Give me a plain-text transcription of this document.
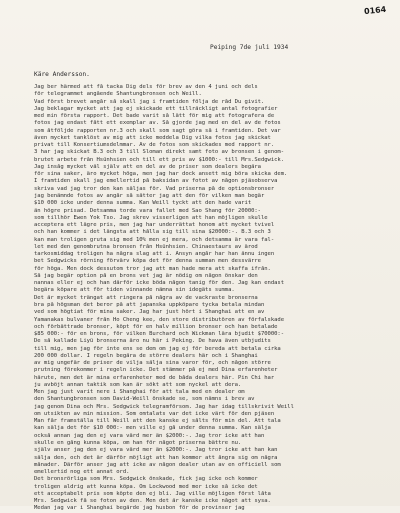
0164
Peiping 7de juli 1934
Käre Andersson.
Jag ber härmed att få tacka Dig dels för brev av den 4 juni och dels
för telegrammet angående Shantungbronsen och Weill.
Vad först brevet angår så skall jag i framtiden följa de råd Du givit.
Jag beklagar mycket att jag ej skickade ett tillräckligt antal fotografier
med min första rapport. Det bade varit så lätt för mig att fotografera de
fotos jag endast fått ett exemplar av. Så gjorde jag med en del av de fotos
som åtföljde rapporten nr.3 och skall som sagt göra så i framtiden. Det var
även mycket tanklöst av mig att icke meddela Dig vilka fotos jag skickat
privat till Konsertiumsdelmmar. Av de fotos som skickades med rapport nr.
3 har jag skickat B.3 och 3 till Sloman direkt samt foto av bronsen i genom-
brutet arbete från Hsünhsien och till ett pris av $1000:- till Mrs.Sedgwick.
Jag insåg mycket väl själv att en del av de priser som dealers begära
för sina saker, äro mycket höga, men jag har dock ansett mig böra skicka dem.
I framtiden skall jag emellertid på baksidan av fotot av någon pjäsobserva
skriva vad jag tror den kan säljas för. Vad priserna på de optionsbronser
jag benämnde fotos av angår så sätter jag att den för vilken man begär
$10 000 icke under denna summa. Kan Weill tyckt att den hade varit
än högre prisad. Detsamma torde vara fallet med Sao Shang för 20000:-
som tillhör Ewen Yok Tso. Jag skrev visserligen att han möjligen skulle
acceptera ett lägre pris, men jag har underrättat honom att mycket tvivel
och han kommer i det längsta att hålla sig till sina $20000:-. B.3 och 3
kan man troligen gruta sig med 10% men ej mera, och detsamma är vara fal-
let med den genombrutna bronsen från Hsünhsien. Chinaestaurs av ärod
tarkosmiddag troligen ha några slag att i. Ansyn angår har han ännu ingen
bet Sedgwicks rörning förvärv köpa det för denna summan men dessvärre
för höga. Men dock dessutom tror jag att man hade mera att skaffa ifrån.
Så jag begär option på en brons vet jag är nödig om någon önskar den
nannas eller ej och han därför icke böda någon tanig för den. Jag kan endast
begära köpare att för tiden vinnande nämna sin idegäts summa.
Det är mycket trängat att ringera på några av de vackraste bronserna
bra på högsman det beror på att japanska uppköpare tycka betala mindan
ved som högtiat för mina saker. Jag har just hört i Shanghai att en av
Yamanakas bulvaner från Ho Cheng kee, den store distributören av förfalskade
och förbättrade bronser, köpt för en halv million bronser och han betalade
$85 000:- för en brons, för vilken Burchard och Wickman lära bjudit $70000:-
De så kallade Liyü bronserna äro nu här i Peking. De hava även utbjudits
till mig, men jag för inte ens se dem om jag ej för bereda att betala cirka
200 000 dollar. I regeln begära de större dealers här och i Shanghai
av mig ungefär de priser de vilja sälja sina varor för, och någon större
prutning förekommer i regeln icke. Det stämmer på ej med Dina erfarenheter
härute, men det är mina erfarenheter med de båda dealers här. Pin Chi har
ju avböjt annan taktik som kan är sökt att som nyckel att dera.
Men jag just varit nere i Shanghai för att tala med en dealer om
den Shantungbronsen som David-Weill önskade se, som nämns i brev av
jag genom Dina och Mrs. Sedgwick telegramförsom. Jag har idag tillskrivit Weill
om utsikten av min mission. Som omtalats var det icke värt för den pjäsen
Man får framställa till Weill att den kanske ej sålts för min del. Att tala
kan sälja det för $10 000:- men ville ej gå under denna summa. Kan sälja
också annan jag den ej vara värd mer än $2000:-. Jag tror icke att han
skulle en gång kunna köpa, om han för något priserna bättre nu.
själv anser jag den ej vara värd mer än $2000:-. Jag tror icke att han kan
sälja den, och det är därför möjligt att han kommer att ångra sig om några
månader. Därför anser jag att icke av någon dealer utan av en officiell som
emellertid nog ett annat ord.
Det bronsrörliga som Mrs. Sedgwick önskade, fick jag icke och kommer
troligen aldrig att kunna köpa. Om Lockwood med mer icke så icke det
ett acceptabelt pris som köpte den ej bli. Jag ville möjligen först låta
Mrs. Sedgwick få se foton av den. Men det är kanske icke något att sysa.
Medan jag var i Shanghai begärde jag husbon för de provinser jag
